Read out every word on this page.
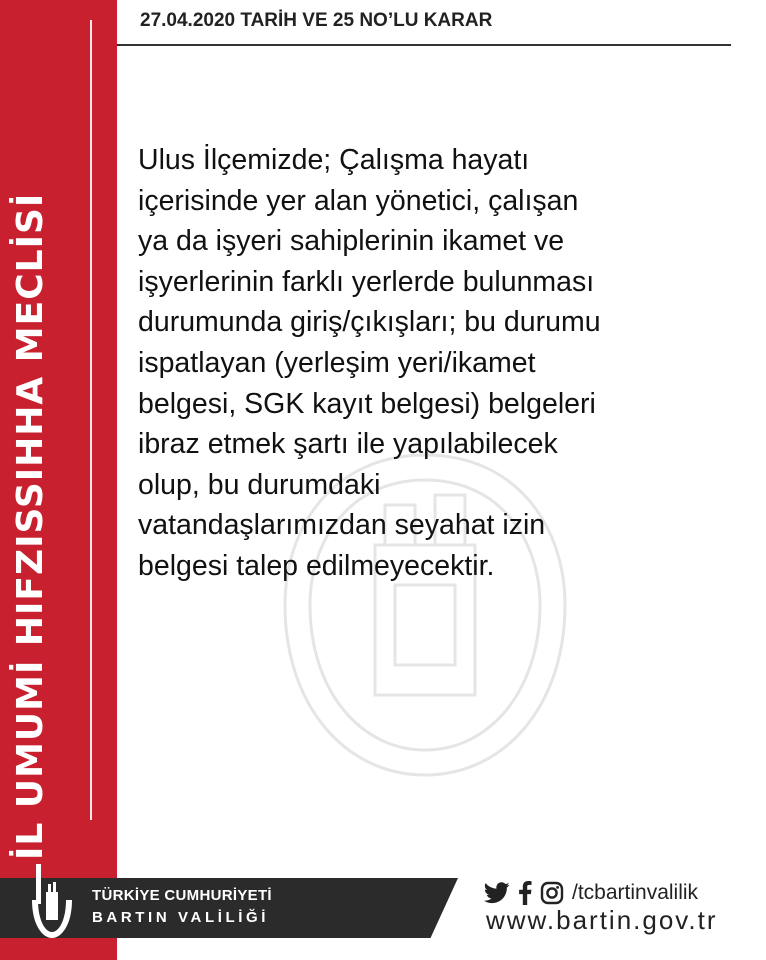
İL UMUMİ HIFZISSIHHA MECLİSİ
27.04.2020 TARİH VE 25 NO’LU KARAR
Ulus İlçemizde; Çalışma hayatı
içerisinde yer alan yönetici, çalışan
ya da işyeri sahiplerinin ikamet ve
işyerlerinin farklı yerlerde bulunması
durumunda giriş/çıkışları; bu durumu
ispatlayan (yerleşim yeri/ikamet
belgesi, SGK kayıt belgesi) belgeleri
ibraz etmek şartı ile yapılabilecek
olup, bu durumdaki
vatandaşlarımızdan seyahat izin
belgesi talep edilmeyecektir.
TÜRKİYE CUMHURİYETİ
BARTIN VALİLİĞİ
/tcbartinvalilik
www.bartin.gov.tr
